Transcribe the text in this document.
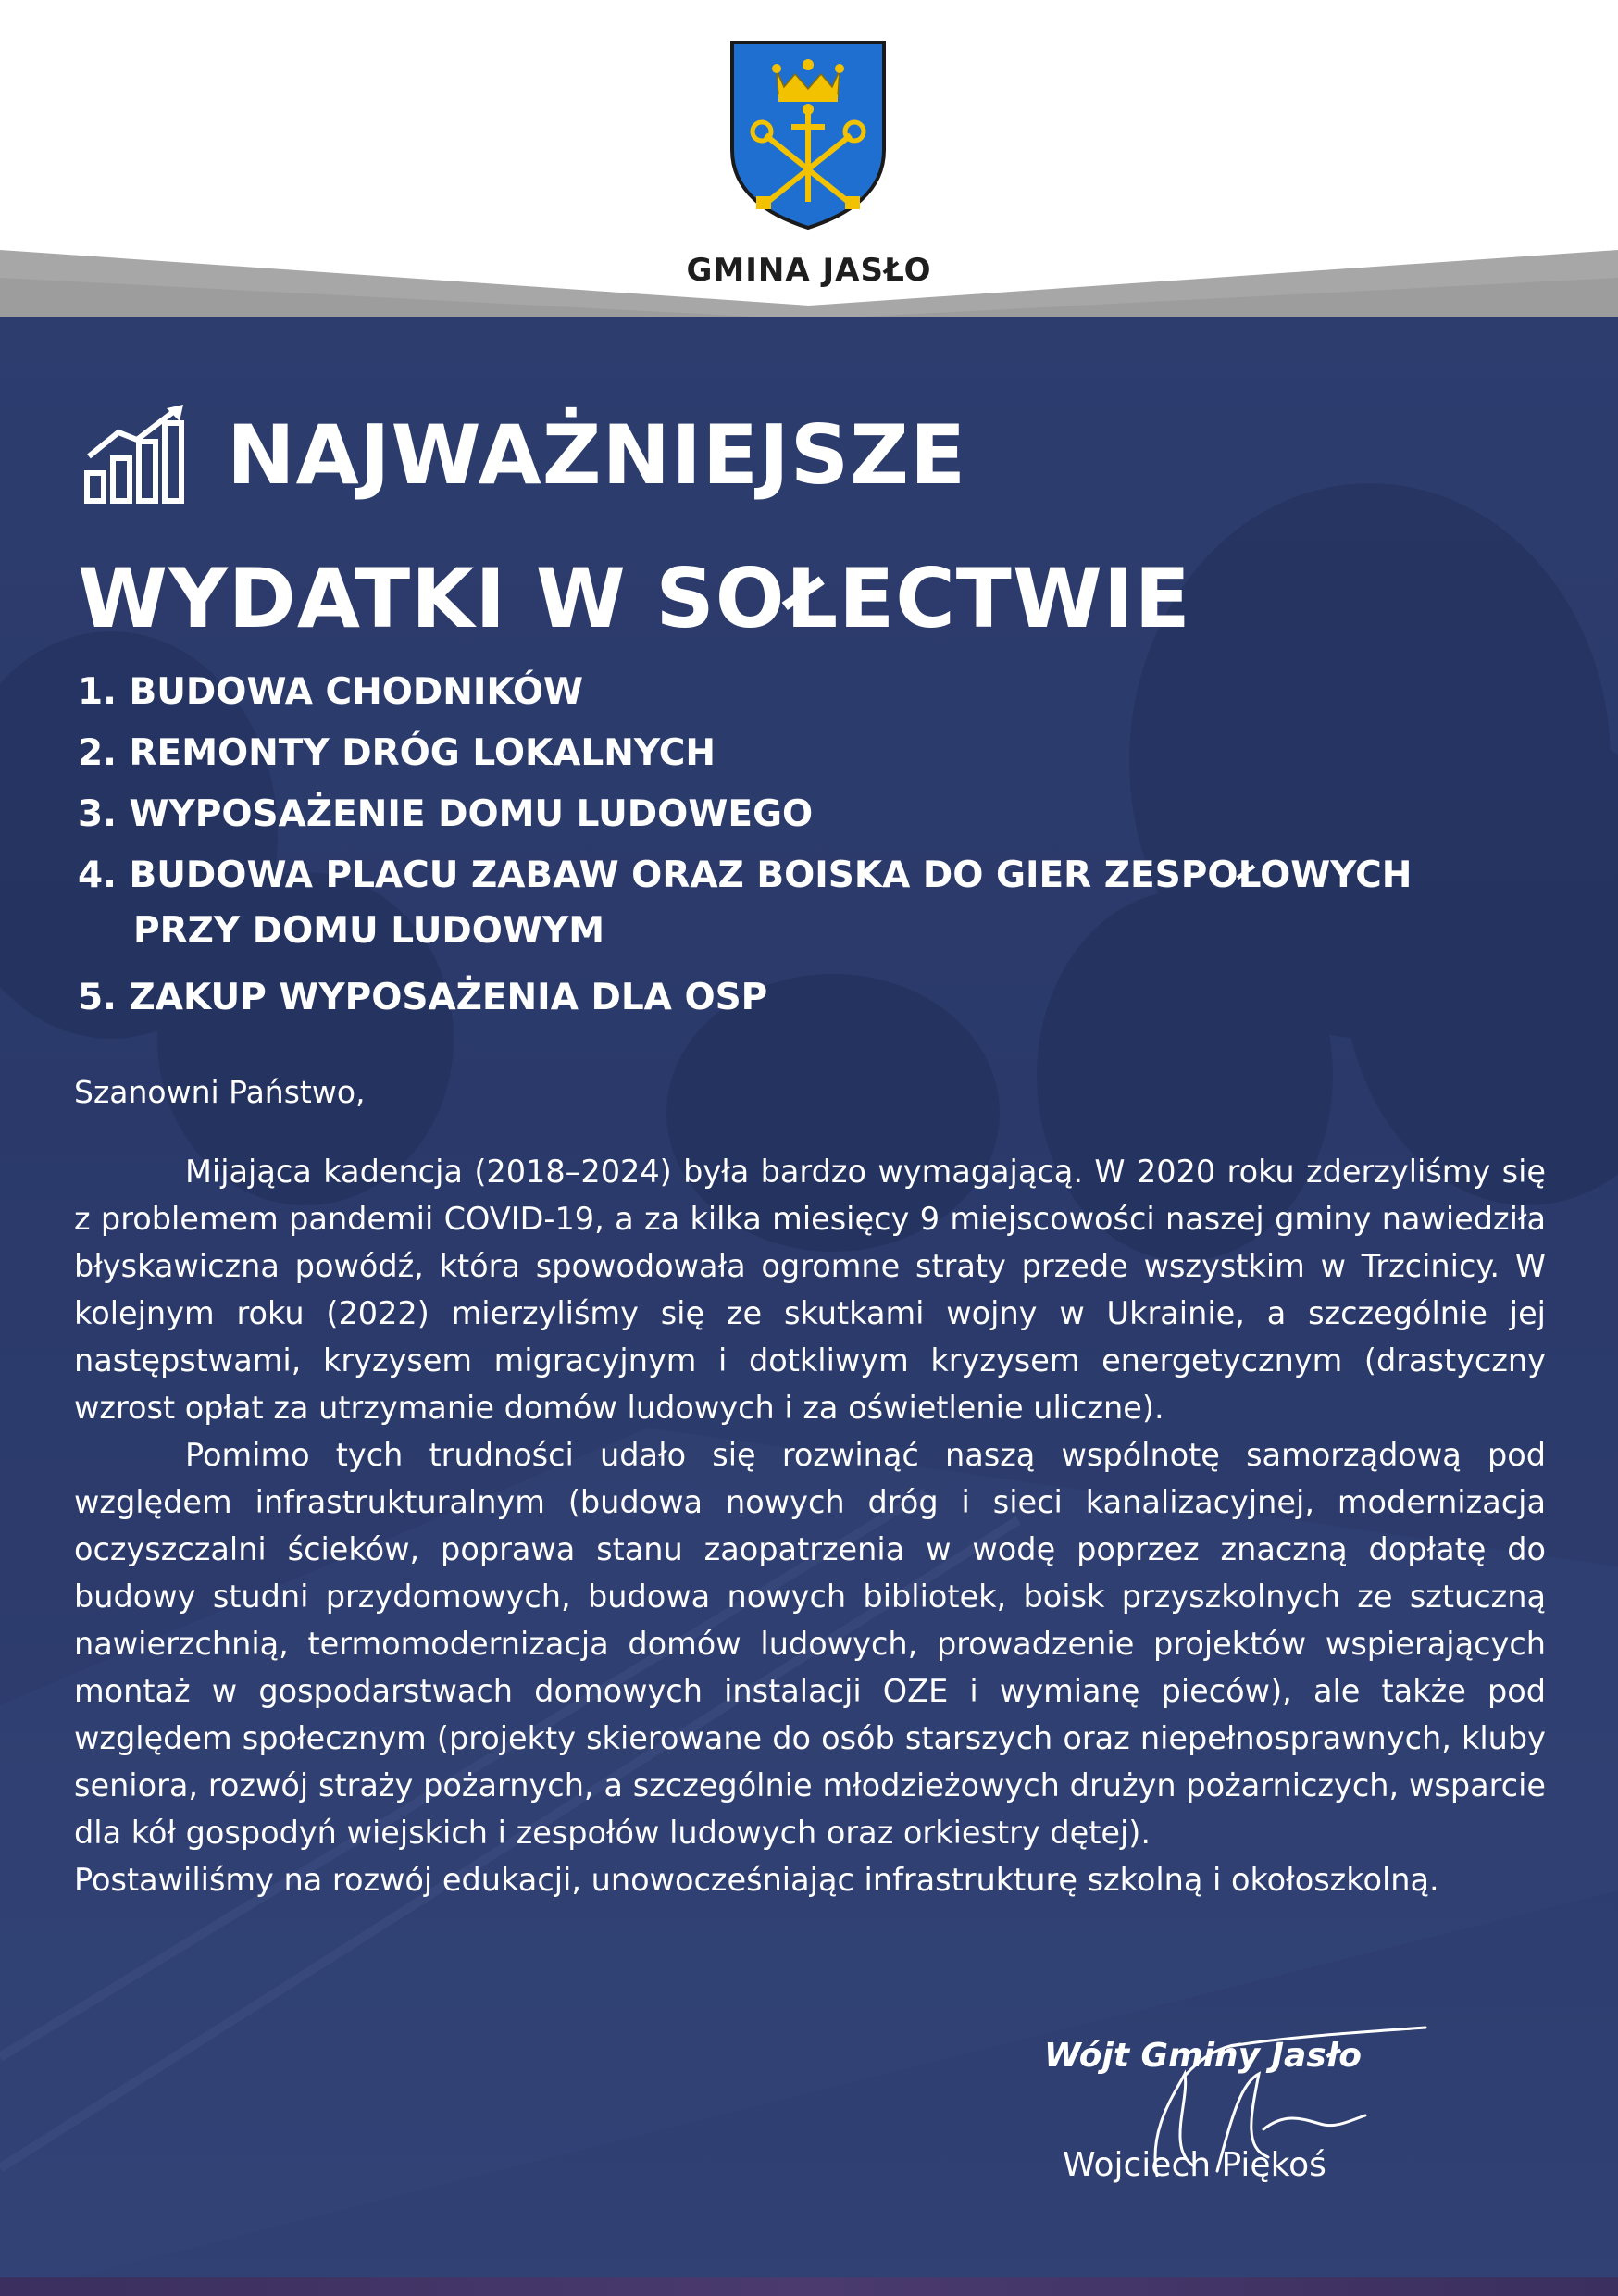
GMINA JASŁO
NAJWAŻNIEJSZE
WYDATKI W SOŁECTWIE
1. BUDOWA CHODNIKÓW
2. REMONTY DRÓG LOKALNYCH
3. WYPOSAŻENIE DOMU LUDOWEGO
4. BUDOWA PLACU ZABAW ORAZ BOISKA DO GIER ZESPOŁOWYCH
PRZY DOMU LUDOWYM
5. ZAKUP WYPOSAŻENIA DLA OSP
Szanowni Państwo,

Mijająca kadencja (2018–2024) była bardzo wymagającą. W 2020 roku zderzyliśmy się z problemem pandemii COVID-19, a za kilka miesięcy 9 miejscowości naszej gminy nawiedziła błyskawiczna powódź, która spowodowała ogromne straty przede wszystkim w Trzcinicy. W kolejnym roku (2022) mierzyliśmy się ze skutkami wojny w Ukrainie, a szczególnie jej następstwami, kryzysem migracyjnym i dotkliwym kryzysem energetycznym (drastyczny wzrost opłat za utrzymanie domów ludowych i za oświetlenie uliczne).

Pomimo tych trudności udało się rozwinąć naszą wspólnotę samorządową pod względem infrastrukturalnym (budowa nowych dróg i sieci kanalizacyjnej, modernizacja oczyszczalni ścieków, poprawa stanu zaopatrzenia w wodę poprzez znaczną dopłatę do budowy studni przydomowych, budowa nowych bibliotek, boisk przyszkolnych ze sztuczną nawierzchnią, termomodernizacja domów ludowych, prowadzenie projektów wspierających montaż w gospodarstwach domowych instalacji OZE i wymianę pieców), ale także pod względem społecznym (projekty skierowane do osób starszych oraz niepełnosprawnych, kluby seniora, rozwój straży pożarnych, a szczególnie młodzieżowych drużyn pożarniczych, wsparcie dla kół gospodyń wiejskich i zespołów ludowych oraz orkiestry dętej).

Postawiliśmy na rozwój edukacji, unowocześniając infrastrukturę szkolną i okołoszkolną.

Wójt Gminy Jasło
Wojciech Piękoś
